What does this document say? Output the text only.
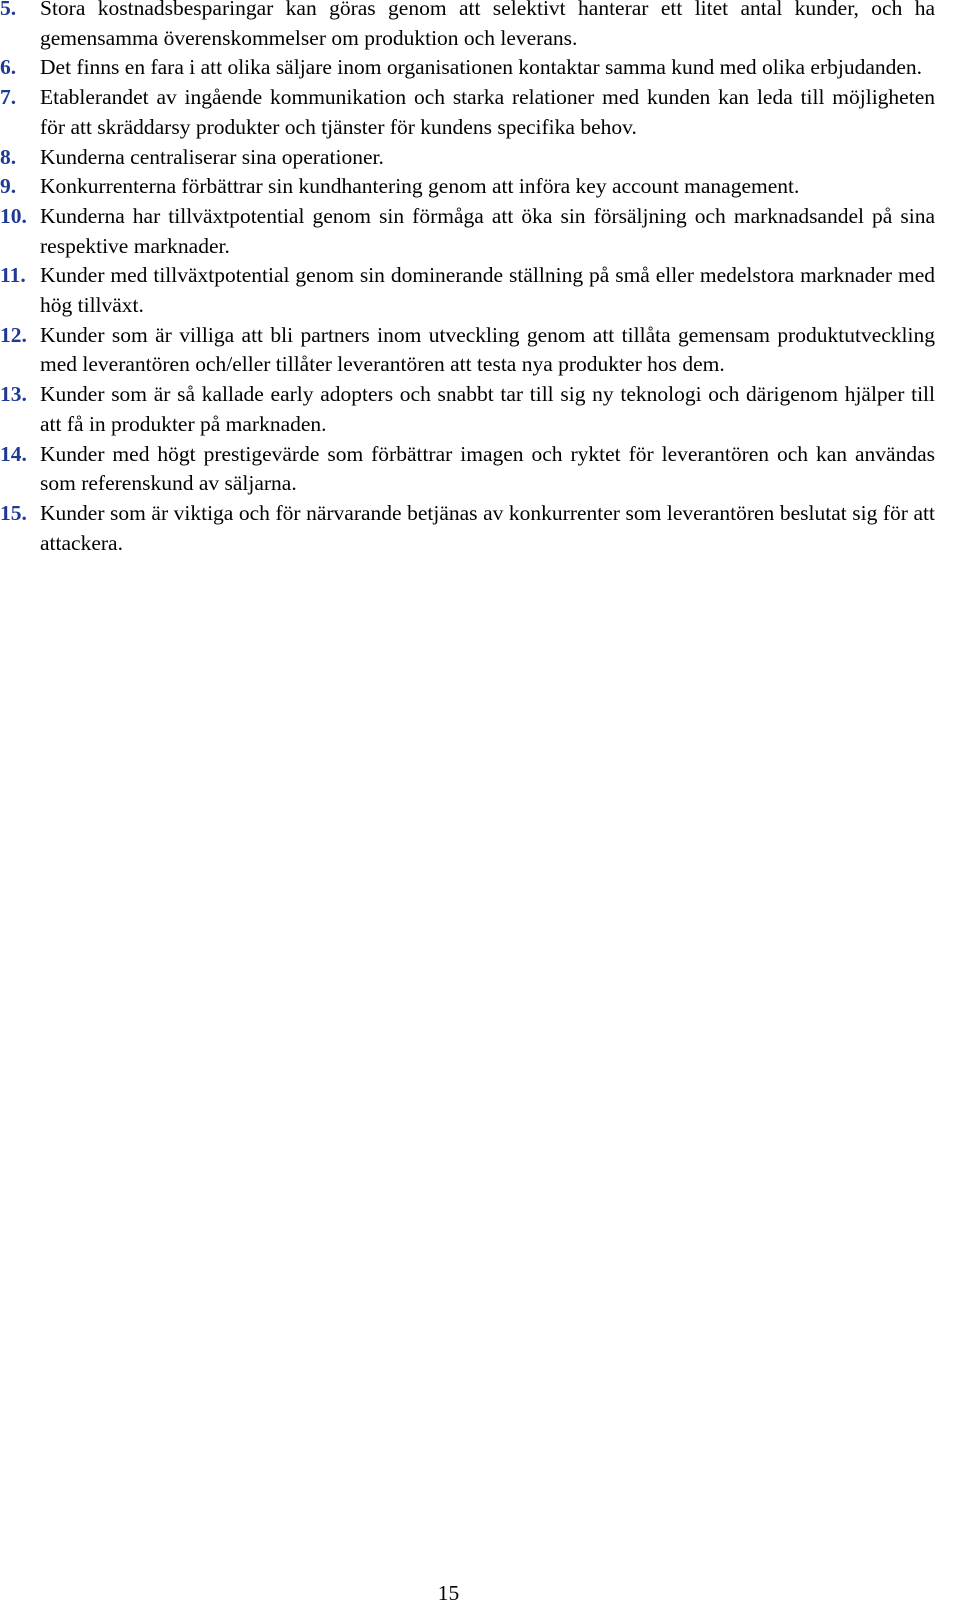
5. Stora kostnadsbesparingar kan göras genom att selektivt hanterar ett litet antal kunder, och ha gemensamma överenskommelser om produktion och leverans.
6. Det finns en fara i att olika säljare inom organisationen kontaktar samma kund med olika erbjudanden.
7. Etablerandet av ingående kommunikation och starka relationer med kunden kan leda till möjligheten för att skräddarsy produkter och tjänster för kundens specifika behov.
8. Kunderna centraliserar sina operationer.
9. Konkurrenterna förbättrar sin kundhantering genom att införa key account management.
10. Kunderna har tillväxtpotential genom sin förmåga att öka sin försäljning och marknadsandel på sina respektive marknader.
11. Kunder med tillväxtpotential genom sin dominerande ställning på små eller medelstora marknader med hög tillväxt.
12. Kunder som är villiga att bli partners inom utveckling genom att tillåta gemensam produktutveckling med leverantören och/eller tillåter leverantören att testa nya produkter hos dem.
13. Kunder som är så kallade early adopters och snabbt tar till sig ny teknologi och därigenom hjälper till att få in produkter på marknaden.
14. Kunder med högt prestigevärde som förbättrar imagen och ryktet för leverantören och kan användas som referenskund av säljarna.
15. Kunder som är viktiga och för närvarande betjänas av konkurrenter som leverantören beslutat sig för att attackera.
15
